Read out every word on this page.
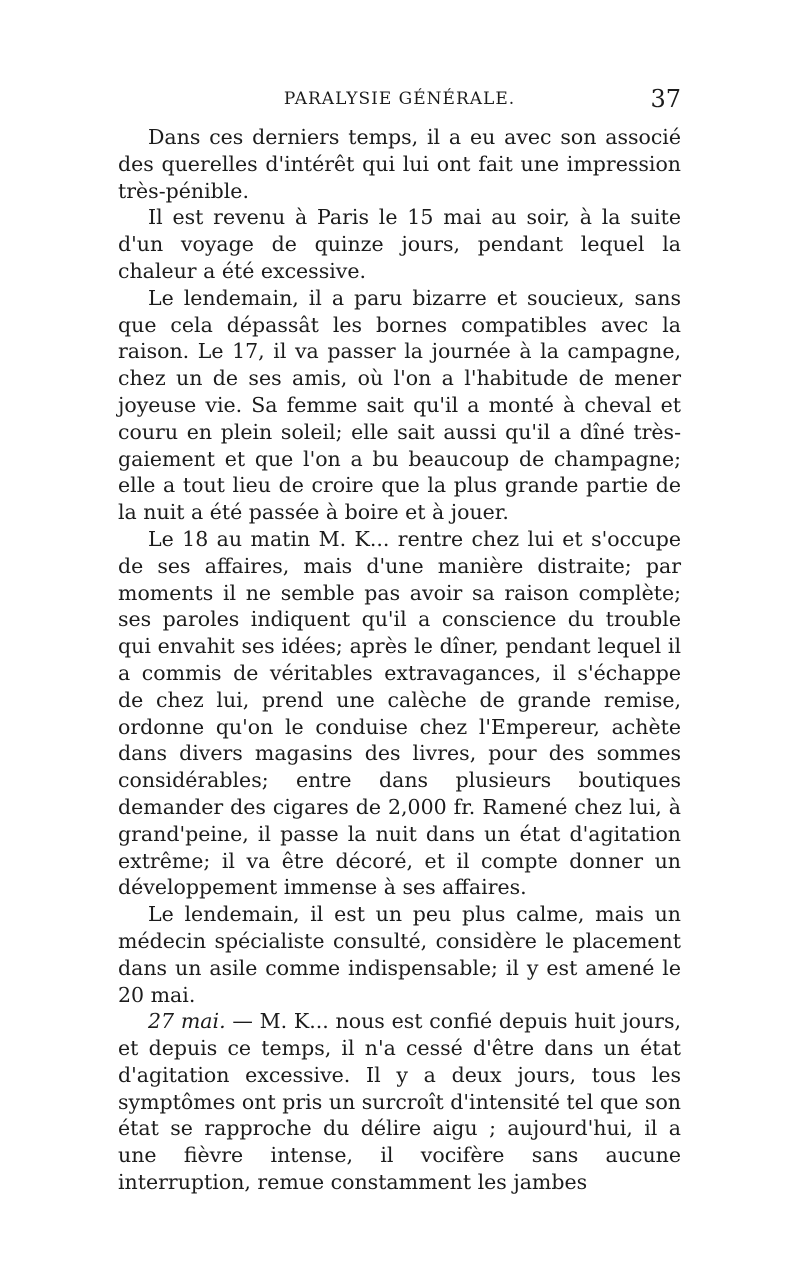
PARALYSIE GÉNÉRALE.	37

Dans ces derniers temps, il a eu avec son associé des querelles d'intérêt qui lui ont fait une impression très-pénible.

Il est revenu à Paris le 15 mai au soir, à la suite d'un voyage de quinze jours, pendant lequel la chaleur a été excessive.

Le lendemain, il a paru bizarre et soucieux, sans que cela dépassât les bornes compatibles avec la raison. Le 17, il va passer la journée à la campagne, chez un de ses amis, où l'on a l'habitude de mener joyeuse vie. Sa femme sait qu'il a monté à cheval et couru en plein soleil; elle sait aussi qu'il a dîné très-gaiement et que l'on a bu beaucoup de champagne; elle a tout lieu de croire que la plus grande partie de la nuit a été passée à boire et à jouer.

Le 18 au matin M. K... rentre chez lui et s'occupe de ses affaires, mais d'une manière distraite; par moments il ne semble pas avoir sa raison complète; ses paroles indiquent qu'il a conscience du trouble qui envahit ses idées; après le dîner, pendant lequel il a commis de véritables extravagances, il s'échappe de chez lui, prend une calèche de grande remise, ordonne qu'on le conduise chez l'Empereur, achète dans divers magasins des livres, pour des sommes considérables; entre dans plusieurs boutiques demander des cigares de 2,000 fr. Ramené chez lui, à grand'peine, il passe la nuit dans un état d'agitation extrême; il va être décoré, et il compte donner un développement immense à ses affaires.

Le lendemain, il est un peu plus calme, mais un médecin spécialiste consulté, considère le placement dans un asile comme indispensable; il y est amené le 20 mai.

27 mai. — M. K... nous est confié depuis huit jours, et depuis ce temps, il n'a cessé d'être dans un état d'agitation excessive. Il y a deux jours, tous les symptômes ont pris un surcroît d'intensité tel que son état se rapproche du délire aigu ; aujourd'hui, il a une fièvre intense, il vocifère sans aucune interruption, remue constamment les jambes
